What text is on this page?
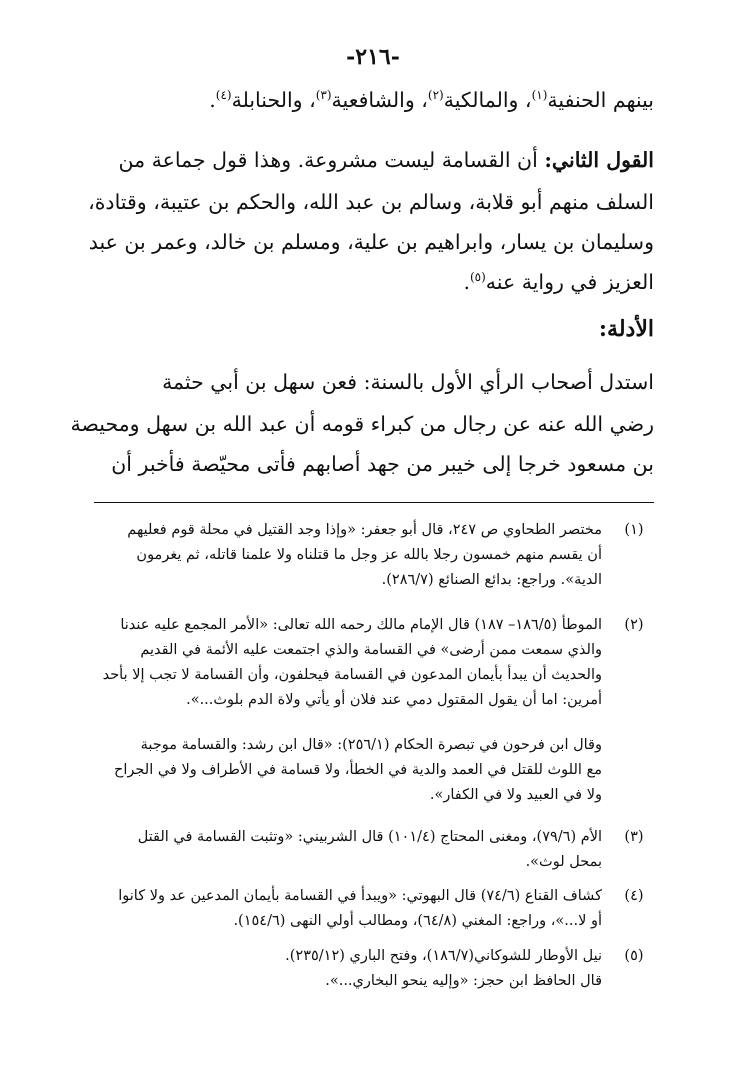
-٢١٦-
بينهم الحنفية$^{(١)}$، والمالكية$^{(٢)}$، والشافعية$^{(٣)}$، والحنابلة$^{(٤)}$.
القول الثاني: أن القسامة ليست مشروعة. وهذا قول جماعة من
السلف منهم أبو قلابة، وسالم بن عبد الله، والحكم بن عتيبة، وقتادة،
وسليمان بن يسار، وابراهيم بن علية، ومسلم بن خالد، وعمر بن عبد
العزيز في رواية عنه$^{(٥)}$.
الأدلة:
استدل أصحاب الرأي الأول بالسنة: فعن سهل بن أبي حثمة
رضي الله عنه عن رجال من كبراء قومه أن عبد الله بن سهل ومحيصة
بن مسعود خرجا إلى خيبر من جهد أصابهم فأتى محيّصة فأخبر أن
(١)
مختصر الطحاوي ص ٢٤٧، قال أبو جعفر: «وإذا وجد القتيل في محلة قوم فعليهم
أن يقسم منهم خمسون رجلا بالله عز وجل ما قتلناه ولا علمنا قاتله، ثم يغرمون
الدية». وراجع: بدائع الصنائع (٢٨٦/٧).
(٢)
الموطأ (١٨٦/٥– ١٨٧) قال الإمام مالك رحمه الله تعالى: «الأمر المجمع عليه عندنا
والذي سمعت ممن أرضى» في القسامة والذي اجتمعت عليه الأئمة في القديم
والحديث أن يبدأ بأيمان المدعون في القسامة فيحلفون، وأن القسامة لا تجب إلا بأحد
أمرين: اما أن يقول المقتول دمي عند فلان أو يأتي ولاة الدم بلوث...».
وقال ابن فرحون في تبصرة الحكام (٢٥٦/١): «قال ابن رشد: والقسامة موجبة
مع اللوث للقتل في العمد والدية في الخطأ، ولا قسامة في الأطراف ولا في الجراح
ولا في العبيد ولا في الكفار».
(٣)
الأم (٧٩/٦)، ومغنى المحتاج (١٠١/٤) قال الشربيني: «وتثبت القسامة في القتل
بمحل لوث».
(٤)
كشاف القناع (٧٤/٦) قال البهوتي: «ويبدأ في القسامة بأيمان المدعين عد ولا كانوا
أو لا...»، وراجع: المغني (٦٤/٨)، ومطالب أولي النهى (١٥٤/٦).
(٥)
نيل الأوطار للشوكاني(١٨٦/٧)، وفتح الباري (٢٣٥/١٢).
قال الحافظ ابن حجز: «وإليه ينحو البخاري...».
